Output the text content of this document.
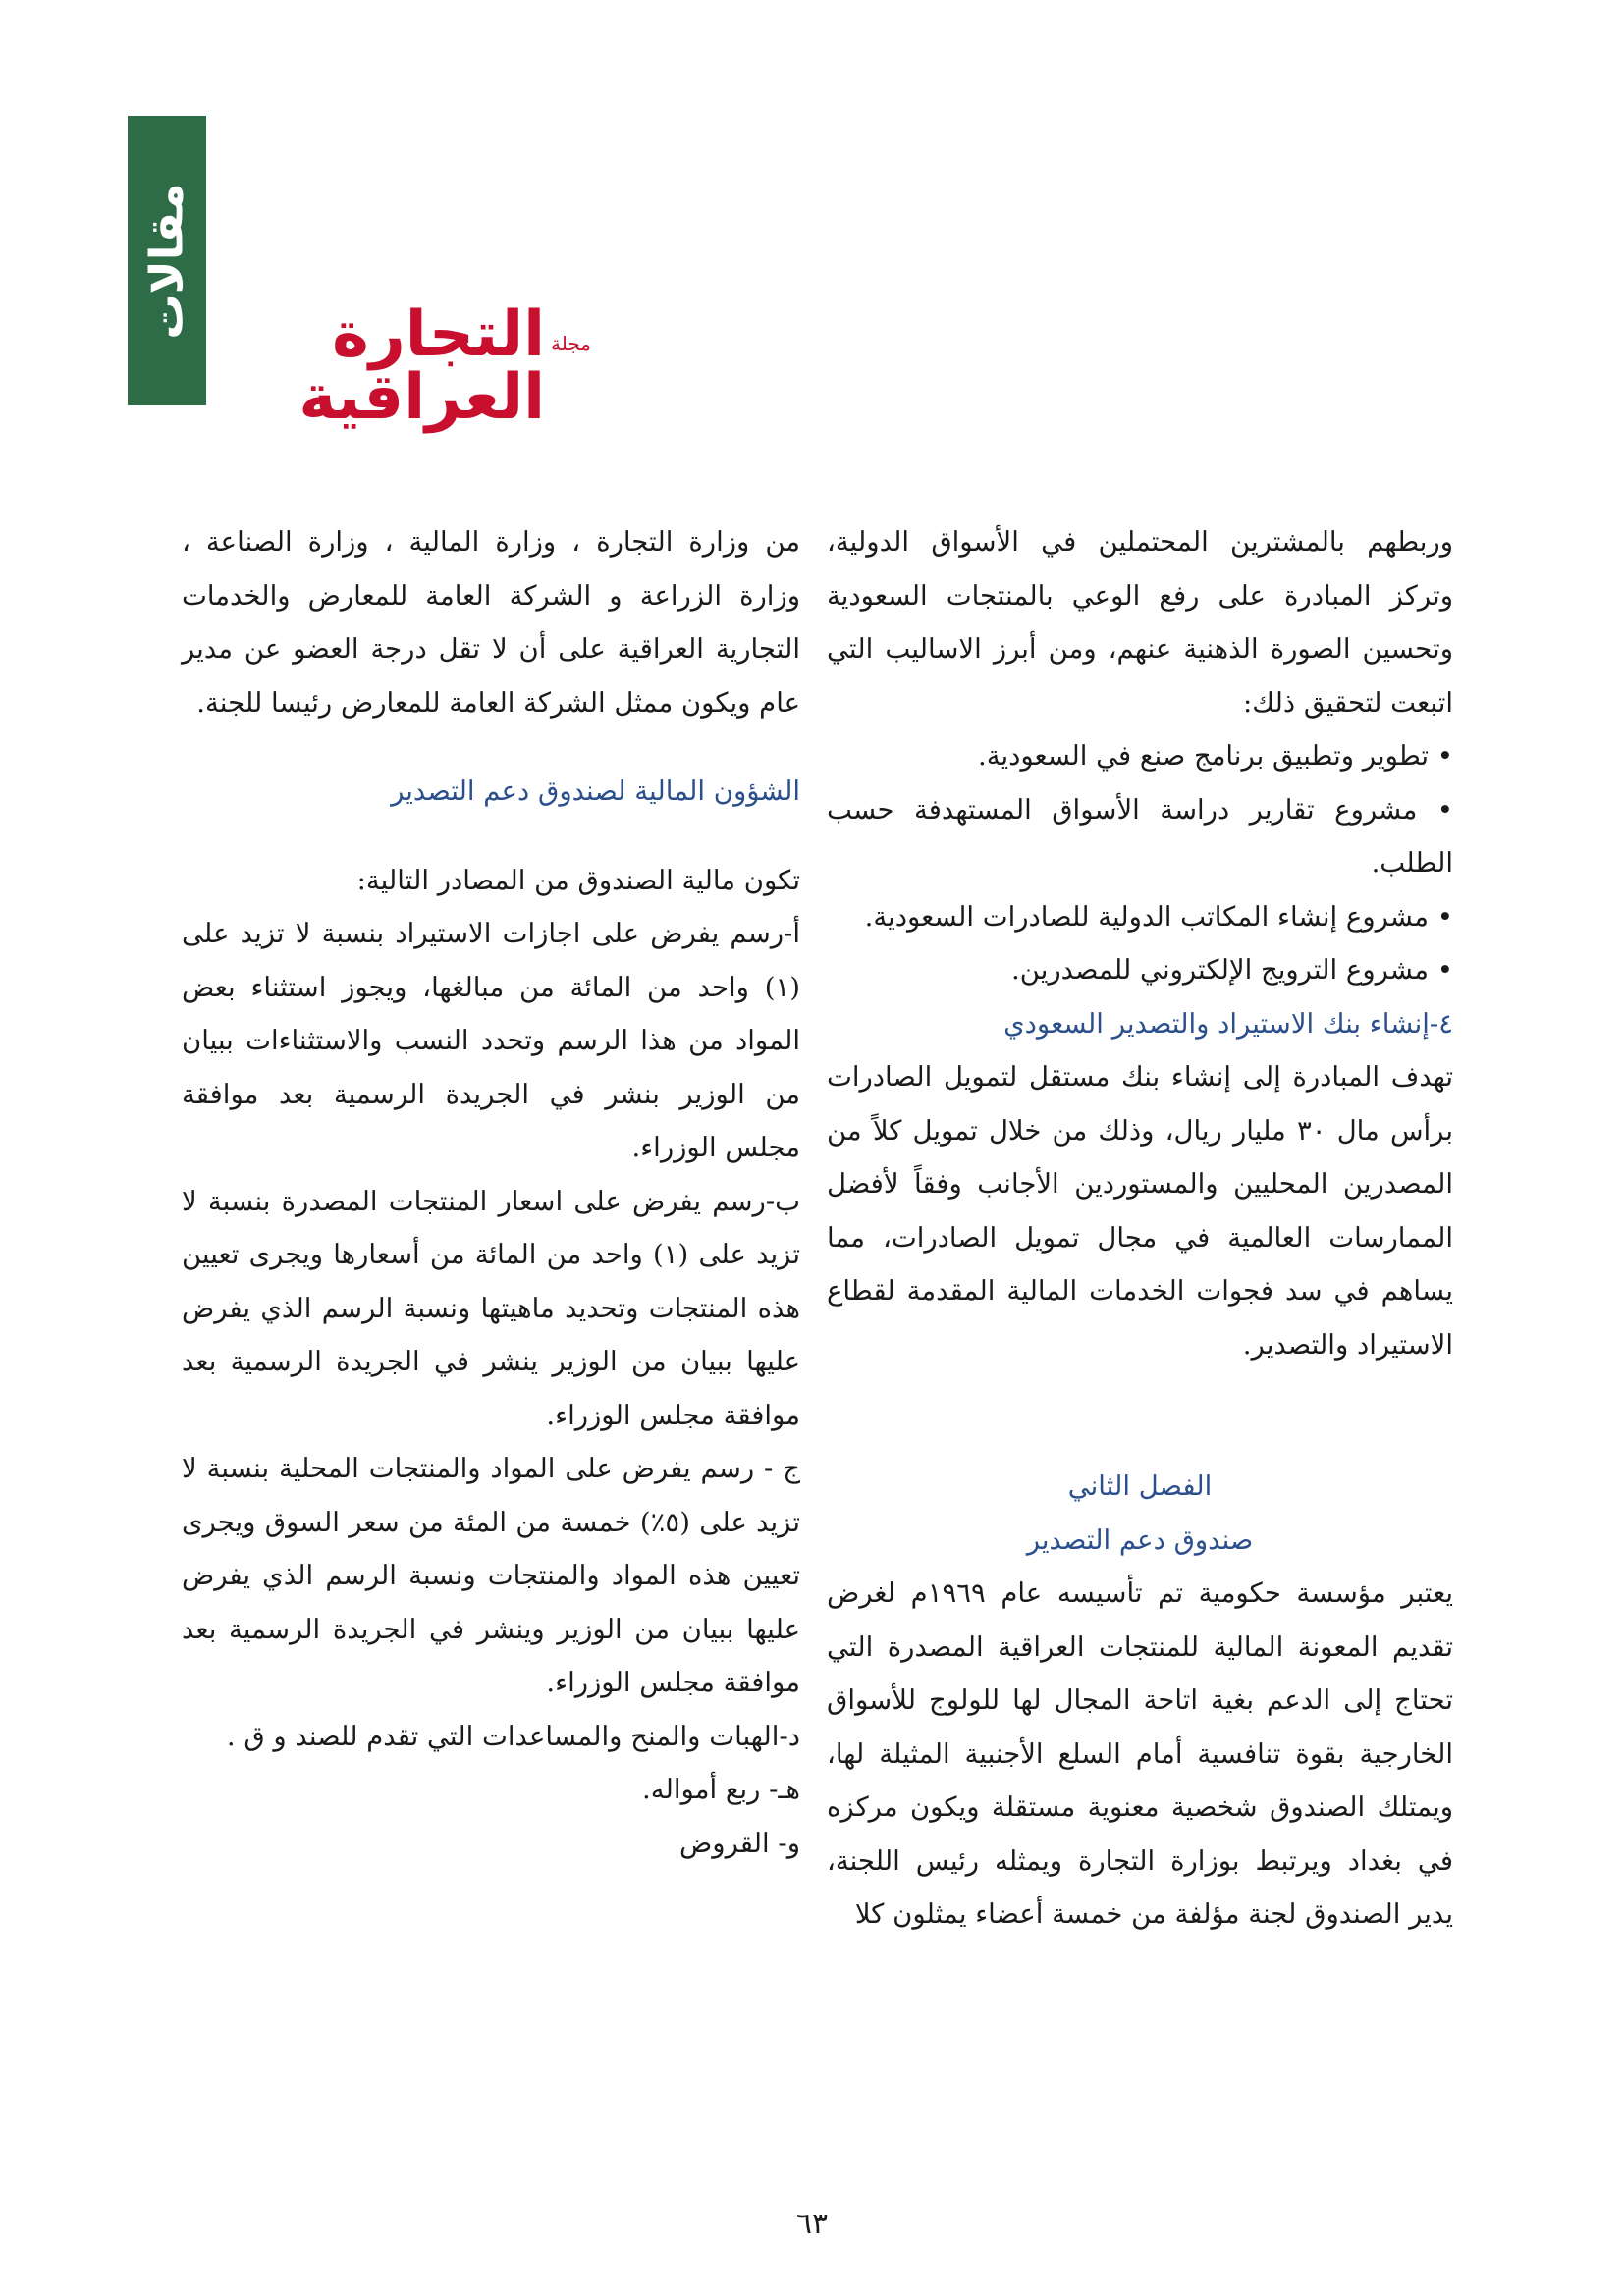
مقالات
مجلة
التجارة العراقية

وربطهم بالمشترين المحتملين في الأسواق الدولية، وتركز المبادرة على رفع الوعي بالمنتجات السعودية وتحسين الصورة الذهنية عنهم، ومن أبرز الاساليب التي اتبعت لتحقيق ذلك:

• تطوير وتطبيق برنامج صنع في السعودية.

• مشروع تقارير دراسة الأسواق المستهدفة حسب الطلب.

• مشروع إنشاء المكاتب الدولية للصادرات السعودية.

• مشروع الترويج الإلكتروني للمصدرين.

٤-إنشاء بنك الاستيراد والتصدير السعودي

تهدف المبادرة إلى إنشاء بنك مستقل لتمويل الصادرات برأس مال ٣٠ مليار ريال، وذلك من خلال تمويل كلاً من المصدرين المحليين والمستوردين الأجانب وفقاً لأفضل الممارسات العالمية في مجال تمويل الصادرات، مما يساهم في سد فجوات الخدمات المالية المقدمة لقطاع الاستيراد والتصدير.

الفصل الثاني

صندوق دعم التصدير

يعتبر مؤسسة حكومية تم تأسيسه عام ١٩٦٩م لغرض تقديم المعونة المالية للمنتجات العراقية المصدرة التي تحتاج إلى الدعم بغية اتاحة المجال لها للولوج للأسواق الخارجية بقوة تنافسية أمام السلع الأجنبية المثيلة لها، ويمتلك الصندوق شخصية معنوية مستقلة ويكون مركزه في بغداد ويرتبط بوزارة التجارة ويمثله رئيس اللجنة، يدير الصندوق لجنة مؤلفة من خمسة أعضاء يمثلون كلا

من وزارة التجارة ، وزارة المالية ، وزارة الصناعة ، وزارة الزراعة و الشركة العامة للمعارض والخدمات التجارية العراقية على أن لا تقل درجة العضو عن مدير عام ويكون ممثل الشركة العامة للمعارض رئيسا للجنة.

الشؤون المالية لصندوق دعم التصدير

تكون مالية الصندوق من المصادر التالية:

أ-رسم يفرض على اجازات الاستيراد بنسبة لا تزيد على (١) واحد من المائة من مبالغها، ويجوز استثناء بعض المواد من هذا الرسم وتحدد النسب والاستثناءات ببيان من الوزير بنشر في الجريدة الرسمية بعد موافقة مجلس الوزراء.

ب-رسم يفرض على اسعار المنتجات المصدرة بنسبة لا تزيد على (١) واحد من المائة من أسعارها ويجرى تعيين هذه المنتجات وتحديد ماهيتها ونسبة الرسم الذي يفرض عليها ببيان من الوزير ينشر في الجريدة الرسمية بعد موافقة مجلس الوزراء.

ج - رسم يفرض على المواد والمنتجات المحلية بنسبة لا تزيد على (٥٪) خمسة من المئة من سعر السوق ويجرى تعيين هذه المواد والمنتجات ونسبة الرسم الذي يفرض عليها ببيان من الوزير وينشر في الجريدة الرسمية بعد موافقة مجلس الوزراء.

د-الهبات والمنح والمساعدات التي تقدم للصند و ق .

هـ- ربع أمواله.

و- القروض

٦٣
